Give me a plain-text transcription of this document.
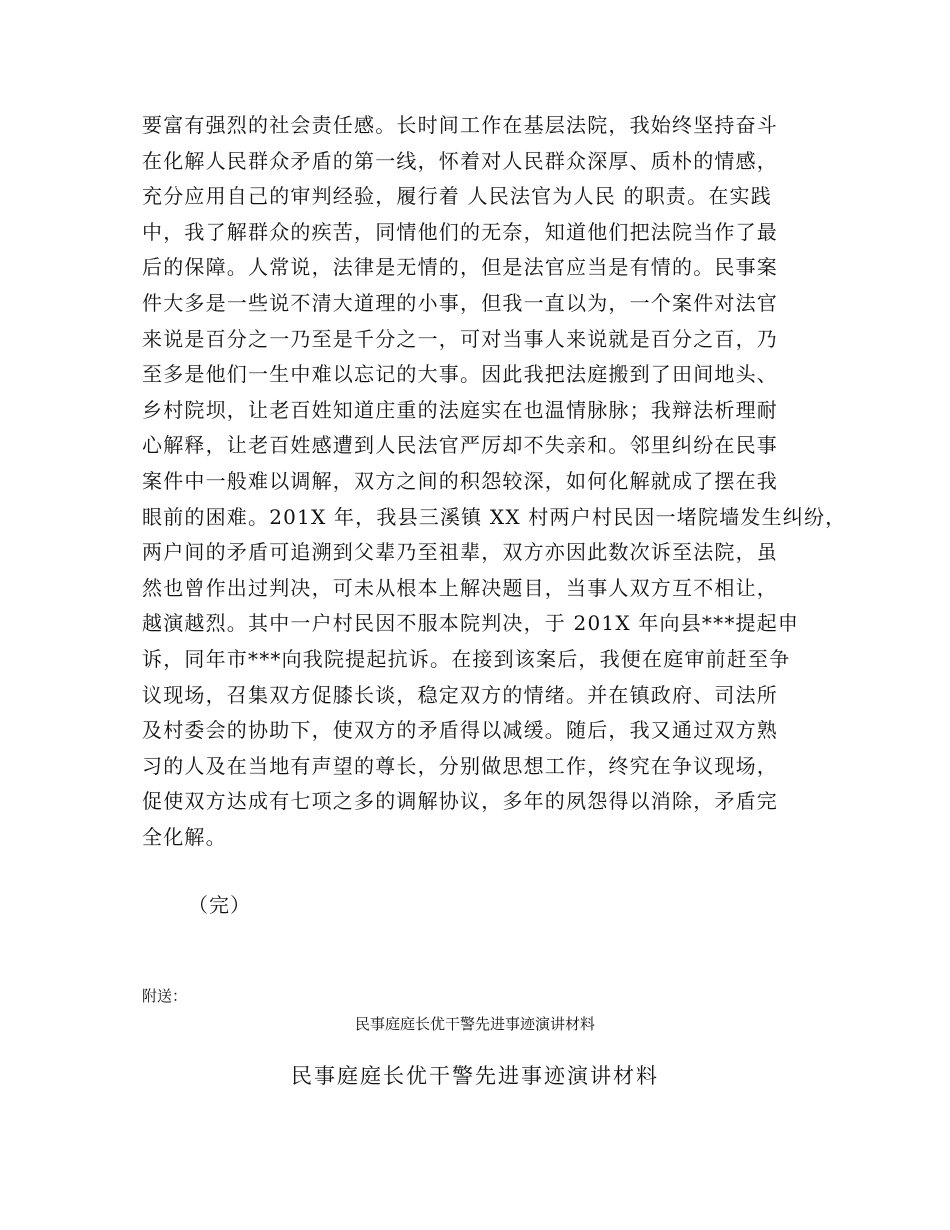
要富有强烈的社会责任感。长时间工作在基层法院，我始终坚持奋斗
在化解人民群众矛盾的第一线，怀着对人民群众深厚、质朴的情感，
充分应用自己的审判经验，履行着 人民法官为人民 的职责。在实践
中，我了解群众的疾苦，同情他们的无奈，知道他们把法院当作了最
后的保障。人常说，法律是无情的，但是法官应当是有情的。民事案
件大多是一些说不清大道理的小事，但我一直以为，一个案件对法官
来说是百分之一乃至是千分之一，可对当事人来说就是百分之百，乃
至多是他们一生中难以忘记的大事。因此我把法庭搬到了田间地头、
乡村院坝，让老百姓知道庄重的法庭实在也温情脉脉；我辩法析理耐
心解释，让老百姓感遭到人民法官严厉却不失亲和。邻里纠纷在民事
案件中一般难以调解，双方之间的积怨较深，如何化解就成了摆在我
眼前的困难。201X 年，我县三溪镇 XX 村两户村民因一堵院墙发生纠纷，
两户间的矛盾可追溯到父辈乃至祖辈，双方亦因此数次诉至法院，虽
然也曾作出过判决，可未从根本上解决题目，当事人双方互不相让，
越演越烈。其中一户村民因不服本院判决，于 201X 年向县***提起申
诉，同年市***向我院提起抗诉。在接到该案后，我便在庭审前赶至争
议现场，召集双方促膝长谈，稳定双方的情绪。并在镇政府、司法所
及村委会的协助下，使双方的矛盾得以减缓。随后，我又通过双方熟
习的人及在当地有声望的尊长，分别做思想工作，终究在争议现场，
促使双方达成有七项之多的调解协议，多年的夙怨得以消除，矛盾完
全化解。
（完）
附送：
民事庭庭长优干警先进事迹演讲材料
民事庭庭长优干警先进事迹演讲材料
